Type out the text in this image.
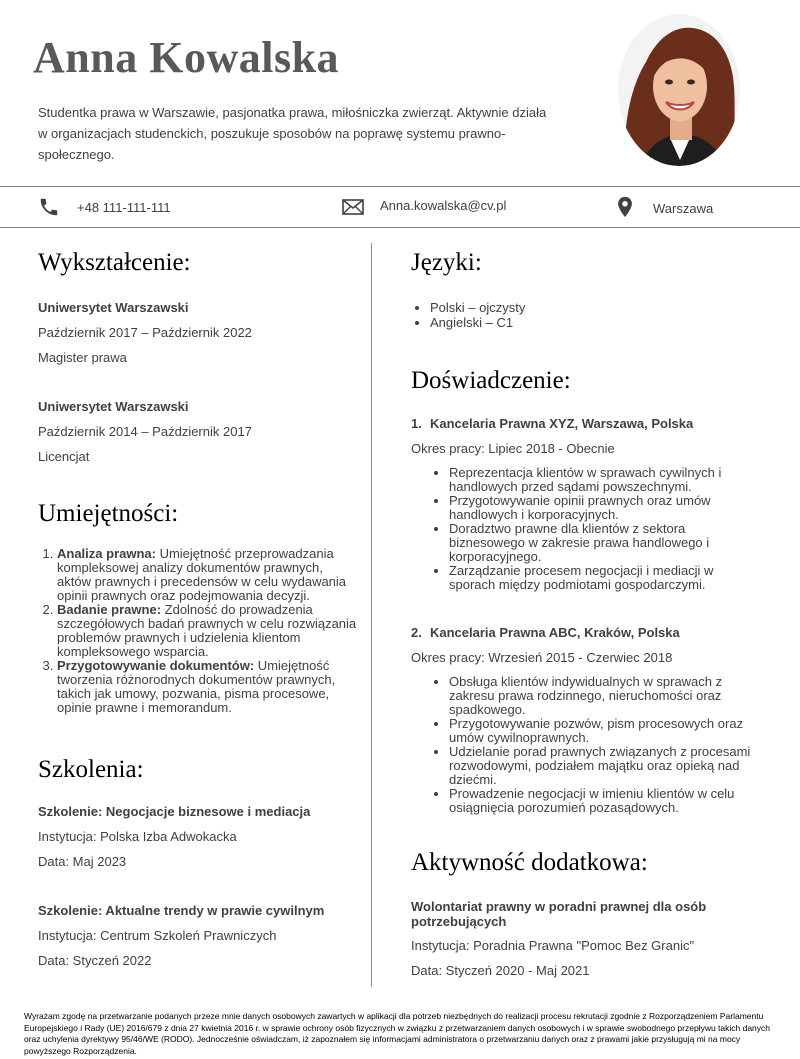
Anna Kowalska

Studentka prawa w Warszawie, pasjonatka prawa, miłośniczka zwierząt. Aktywnie działa w organizacjach studenckich, poszukuje sposobów na poprawę systemu prawno-społecznego.

+48 111-111-111	Anna.kowalska@cv.pl	Warszawa
Wykształcenie:

Uniwersytet Warszawski

Październik 2017 – Październik 2022

Magister prawa

Uniwersytet Warszawski

Październik 2014 – Październik 2017

Licencjat

Umiejętności:
1. Analiza prawna: Umiejętność przeprowadzania kompleksowej analizy dokumentów prawnych, aktów prawnych i precedensów w celu wydawania opinii prawnych oraz podejmowania decyzji.
2. Badanie prawne: Zdolność do prowadzenia szczegółowych badań prawnych w celu rozwiązania problemów prawnych i udzielenia klientom kompleksowego wsparcia.
3. Przygotowywanie dokumentów: Umiejętność tworzenia różnorodnych dokumentów prawnych, takich jak umowy, pozwania, pisma procesowe, opinie prawne i memorandum.
Szkolenia:

Szkolenie: Negocjacje biznesowe i mediacja

Instytucja: Polska Izba Adwokacka

Data: Maj 2023

Szkolenie: Aktualne trendy w prawie cywilnym

Instytucja: Centrum Szkoleń Prawniczych

Data: Styczeń 2022

Języki:
• Polski – ojczysty
• Angielski – C1
Doświadczenie:

1. Kancelaria Prawna XYZ, Warszawa, Polska

Okres pracy: Lipiec 2018 - Obecnie

• Reprezentacja klientów w sprawach cywilnych i handlowych przed sądami powszechnymi.
• Przygotowywanie opinii prawnych oraz umów handlowych i korporacyjnych.
• Doradztwo prawne dla klientów z sektora biznesowego w zakresie prawa handlowego i korporacyjnego.
• Zarządzanie procesem negocjacji i mediacji w sporach między podmiotami gospodarczymi.

2. Kancelaria Prawna ABC, Kraków, Polska

Okres pracy: Wrzesień 2015 - Czerwiec 2018

• Obsługa klientów indywidualnych w sprawach z zakresu prawa rodzinnego, nieruchomości oraz spadkowego.
• Przygotowywanie pozwów, pism procesowych oraz umów cywilnoprawnych.
• Udzielanie porad prawnych związanych z procesami rozwodowymi, podziałem majątku oraz opieką nad dziećmi.
• Prowadzenie negocjacji w imieniu klientów w celu osiągnięcia porozumień pozasądowych.
Aktywność dodatkowa:

Wolontariat prawny w poradni prawnej dla osób potrzebujących

Instytucja: Poradnia Prawna "Pomoc Bez Granic"

Data: Styczeń 2020 - Maj 2021

Wyrażam zgodę na przetwarzanie podanych przeze mnie danych osobowych zawartych w aplikacji dla potrzeb niezbędnych do realizacji procesu rekrutacji zgodnie z Rozporządzeniem Parlamentu Europejskiego i Rady (UE) 2016/679 z dnia 27 kwietnia 2016 r. w sprawie ochrony osób fizycznych w związku z przetwarzaniem danych osobowych i w sprawie swobodnego przepływu takich danych oraz uchylenia dyrektywy 95/46/WE (RODO). Jednocześnie oświadczam, iż zapoznałem się informacjami administratora o przetwarzaniu danych oraz z prawami jakie przysługują mi na mocy powyższego Rozporządzenia.
